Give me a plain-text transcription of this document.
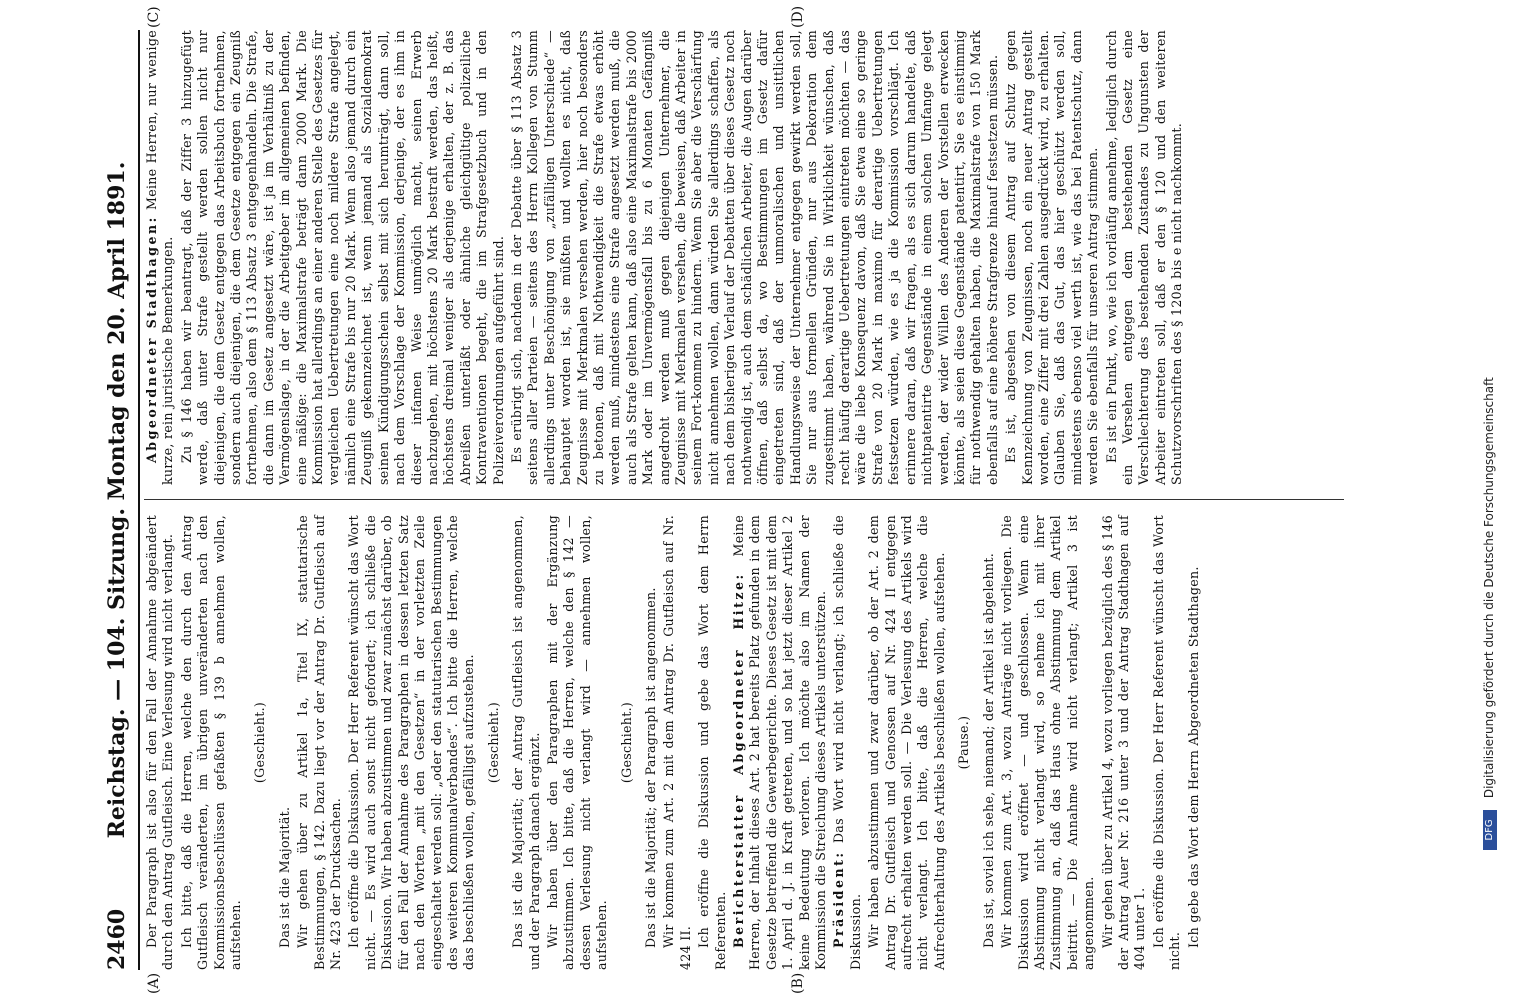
2460
Reichstag. — 104. Sitzung. Montag den 20. April 1891.
(A)	(B)
(C)	(D)

Der Paragraph ist also für den Fall der Annahme abgeändert durch den Antrag Gutfleisch. Eine Verlesung wird nicht verlangt. Ich bitte, daß die Herren, welche den durch den Antrag Gutfleisch veränderten, im übrigen unveränderten nach den Kommissionsbeschlüssen gefaßten § 139 b annehmen wollen, aufstehen.

(Geschieht.)

Das ist die Majorität. Wir gehen über zu Artikel 1a, Titel IX, statutarische Bestimmungen, § 142. Dazu liegt vor der Antrag Dr. Gutfleisch auf Nr. 423 der Drucksachen. Ich eröffne die Diskussion. Der Herr Referent wünscht das Wort nicht. — Es wird auch sonst nicht gefordert; ich schließe die Diskussion. Wir haben abzustimmen und zwar zunächst darüber, ob für den Fall der Annahme des Paragraphen in dessen letzten Satz nach den Worten „mit den Gesetzen“ in der vorletzten Zeile eingeschaltet werden soll: „oder den statutarischen Bestimmungen des weiteren Kommunalverbandes“. Ich bitte die Herren, welche das beschließen wollen, gefälligst aufzustehen. (Geschieht.) Das ist die Majorität; der Antrag Gutfleisch ist angenommen, und der Paragraph danach ergänzt. Wir haben über den Paragraphen mit der Ergänzung abzustimmen. Ich bitte, daß die Herren, welche den § 142 — dessen Verlesung nicht verlangt wird — annehmen wollen, aufstehen.

(Geschieht.) Das ist die Majorität; der Paragraph ist angenommen. Wir kommen zum Art. 2 mit dem Antrag Dr. Gutfleisch auf Nr. 424 II. Ich eröffne die Diskussion und gebe das Wort dem Herrn Referenten. Berichterstatter Abgeordneter Hitze: Meine Herren, der Inhalt dieses Art. 2 hat bereits Platz gefunden in dem Gesetze betreffend die Gewerbegerichte. Dieses Gesetz ist mit dem 1. April d. J. in Kraft getreten, und so hat jetzt dieser Artikel 2 keine Bedeutung verloren. Ich möchte also im Namen der Kommission die Streichung dieses Artikels unterstützen. Präsident: Das Wort wird nicht verlangt; ich schließe die Diskussion. Wir haben abzustimmen und zwar darüber, ob der Art. 2 dem Antrag Dr. Gutfleisch und Genossen auf Nr. 424 II entgegen aufrecht erhalten werden soll. — Die Verlesung des Artikels wird nicht verlangt. Ich bitte, daß die Herren, welche die Aufrechterhaltung des Artikels beschließen wollen, aufstehen. (Pause.) Das ist, soviel ich sehe, niemand; der Artikel ist abgelehnt. Wir kommen zum Art. 3, wozu Anträge nicht vorliegen. Die Diskussion wird eröffnet — und geschlossen. Wenn eine Abstimmung nicht verlangt wird, so nehme ich mit ihrer Zustimmung an, daß das Haus ohne Abstimmung dem Artikel beitritt. — Die Annahme wird nicht verlangt; Artikel 3 ist angenommen. Wir gehen über zu Artikel 4, wozu vorliegen bezüglich des § 146 der Antrag Auer Nr. 216 unter 3 und der Antrag Stadthagen auf 404 unter 1. Ich eröffne die Diskussion. Der Herr Referent wünscht das Wort nicht.

Ich gebe das Wort dem Herrn Abgeordneten Stadthagen.

Abgeordneter Stadthagen: Meine Herren, nur wenige kurze, rein juristische Bemerkungen. Zu § 146 haben wir beantragt, daß der Ziffer 3 hinzugefügt werde, daß unter Strafe gestellt werden sollen nicht nur diejenigen, die dem Gesetz entgegen das Arbeitsbuch fortnehmen, sondern auch diejenigen, die dem Gesetze entgegen ein Zeugniß fortnehmen, also dem § 113 Absatz 3 entgegenhandeln. Die Strafe, die dann im Gesetz angesetzt wäre, ist ja im Verhältniß zu der Vermögenslage, in der die Arbeitgeber im allgemeinen befinden, eine mäßige: die Maximalstrafe beträgt dann 2000 Mark. Die Kommission hat allerdings an einer anderen Stelle des Gesetzes für vergleichen Uebertretungen eine noch mildere Strafe angelegt, nämlich eine Strafe bis nur 20 Mark. Wenn also jemand durch ein Zeugniß gekennzeichnet ist, wenn jemand als Sozialdemokrat seinen Kündigungsschein selbst mit sich herumträgt, dann soll, nach dem Vorschlage der Kommission, derjenige, der es ihm in dieser infamen Weise unmöglich macht, seinen Erwerb nachzugehen, mit höchstens 20 Mark bestraft werden, das heißt, höchstens dreimal weniger als derjenige erhalten, der z. B. das Abreißen unterläßt oder ähnliche gleichgültige polizeiliche Kontraventionen begeht, die im Strafgesetzbuch und in den Polizeiverordnungen aufgeführt sind. Es erübrigt sich, nachdem in der Debatte über § 113 Absatz 3 seitens aller Parteien — seitens des Herrn Kollegen von Stumm allerdings unter Beschönigung von „zufälligen Unterschiede“ — behauptet worden ist, sie müßten und wollten es nicht, daß Zeugnisse mit Merkmalen versehen werden, hier noch besonders zu betonen, daß mit Nothwendigkeit die Strafe etwas erhöht werden muß, mindestens eine Strafe angesetzt werden muß, die auch als Strafe gelten kann, daß also eine Maximalstrafe bis 2000 Mark oder im Unvermögensfall bis zu 6 Monaten Gefängniß angedroht werden muß gegen diejenigen Unternehmer, die Zeugnisse mit Merkmalen versehen, die beweisen, daß Arbeiter in seinem Fort-kommen zu hindern. Wenn Sie aber die Verschärfung nicht annehmen wollen, dann würden Sie allerdings schaffen, als nach dem bisherigen Verlauf der Debatten über dieses Gesetz noch nothwendig ist, auch dem schädlichen Arbeiter, die Augen darüber öffnen, daß selbst da, wo Bestimmungen im Gesetz dafür eingetreten sind, daß der unmoralischen und unsittlichen Handlungsweise der Unternehmer entgegen gewirkt werden soll, Sie nur aus formellen Gründen, nur aus Dekoration dem zugestimmt haben, während Sie in Wirklichkeit wünschen, daß recht häufig derartige Uebertretungen eintreten möchten — das wäre die liebe Konsequenz davon, daß Sie etwa eine so geringe Strafe von 20 Mark in maximo für derartige Uebertretungen festsetzen würden, wie es ja die Kommission vorschlägt. Ich erinnere daran, daß wir fragen, als es sich darum handelte, daß nichtpatentirte Gegenstände in einem solchen Umfange gelegt werden, der wider Willen des Anderen der Vorstellen erwecken könnte, als seien diese Gegenstände patentirt, Sie es einstimmig für nothwendig gehalten haben, die Maximalstrafe von 150 Mark ebenfalls auf eine höhere Strafgrenze hinauf festsetzen müssen. Es ist, abgesehen von diesem Antrag auf Schutz gegen Kennzeichnung von Zeugnissen, noch ein neuer Antrag gestellt worden, eine Ziffer mit drei Zahlen ausgedrückt wird, zu erhalten. Glauben Sie, daß das Gut, das hier geschützt werden soll, mindestens ebenso viel werth ist, wie das bei Patentschutz, dann werden Sie ebenfalls für unseren Antrag stimmen. Es ist ein Punkt, wo, wie ich vorläufig annehme, lediglich durch ein Versehen entgegen dem bestehenden Gesetz eine Verschlechterung des bestehenden Zustandes zu Ungunsten der Arbeiter eintreten soll, daß er den § 120 und den weiteren Schutzvorschriften des § 120a bis e nicht nachkommt.

DFG Digitalisierung gefördert durch die Deutsche Forschungsgemeinschaft
